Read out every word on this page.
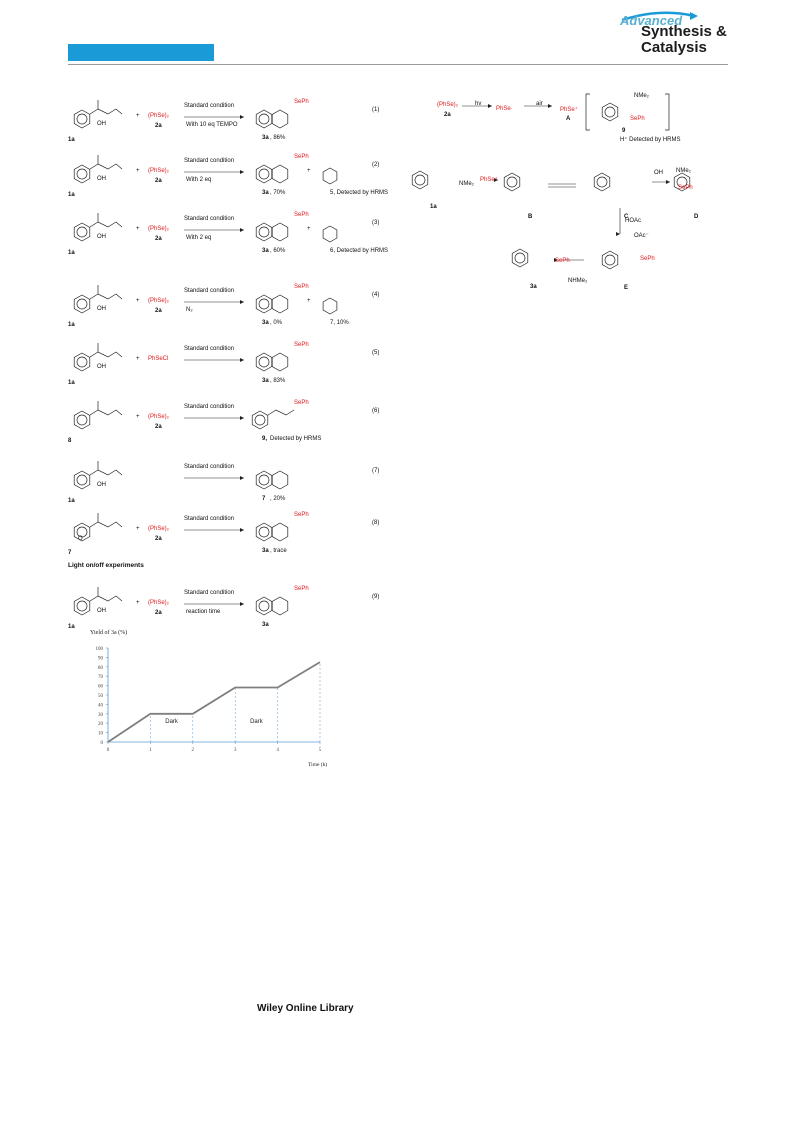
Advanced
Synthesis &
Catalysis
1a
OH
+ (PhSe)₂
2a
Standard condition
With 10 eq TEMPO
SePh
3a , 86%
(1)
1a
OH
+ (PhSe)₂
2a
Standard condition
With 2 eq
SePh
3a , 70%
+
5, Detected by HRMS
(2)
1a
OH
+ (PhSe)₂
2a
Standard condition
With 2 eq
SePh
3a , 60%
+
6, Detected by HRMS
(3)
1a
OH
+ (PhSe)₂
2a
Standard condition
N₂
SePh
3a , 0%
+
7, 10%
(4)
1a
OH
+ PhSeCl
Standard condition
SePh
3a , 83%
(5)
8
+ (PhSe)₂
2a
Standard condition
SePh
9, Detected by HRMS
(6)
1a
OH
Standard condition
7 , 20%
(7)
7
O
+ (PhSe)₂
2a
Standard condition
SePh
3a , trace
(8)
1a
OH
+ (PhSe)₂
2a
Standard condition
reaction time
SePh
3a
(9)
Light on/off experiments
(PhSe)₂
2a
hv	air
PhSe·	PhSe⁺
A
NMe₂
SePh
9
H⁺ Detected by HRMS
1a
PhSe⁺
NMe₂
B	C	D
HOAc
OAc⁻
E
NHMe₂
3a
SePh	SePh
NMe₂
SePh
OH
0
10
20
30
40
50
60
70
80
90
100
0	1	2	3	4	5
Dark	Dark
Yield of 3a (%)
Time (h)
Wiley Online Library
